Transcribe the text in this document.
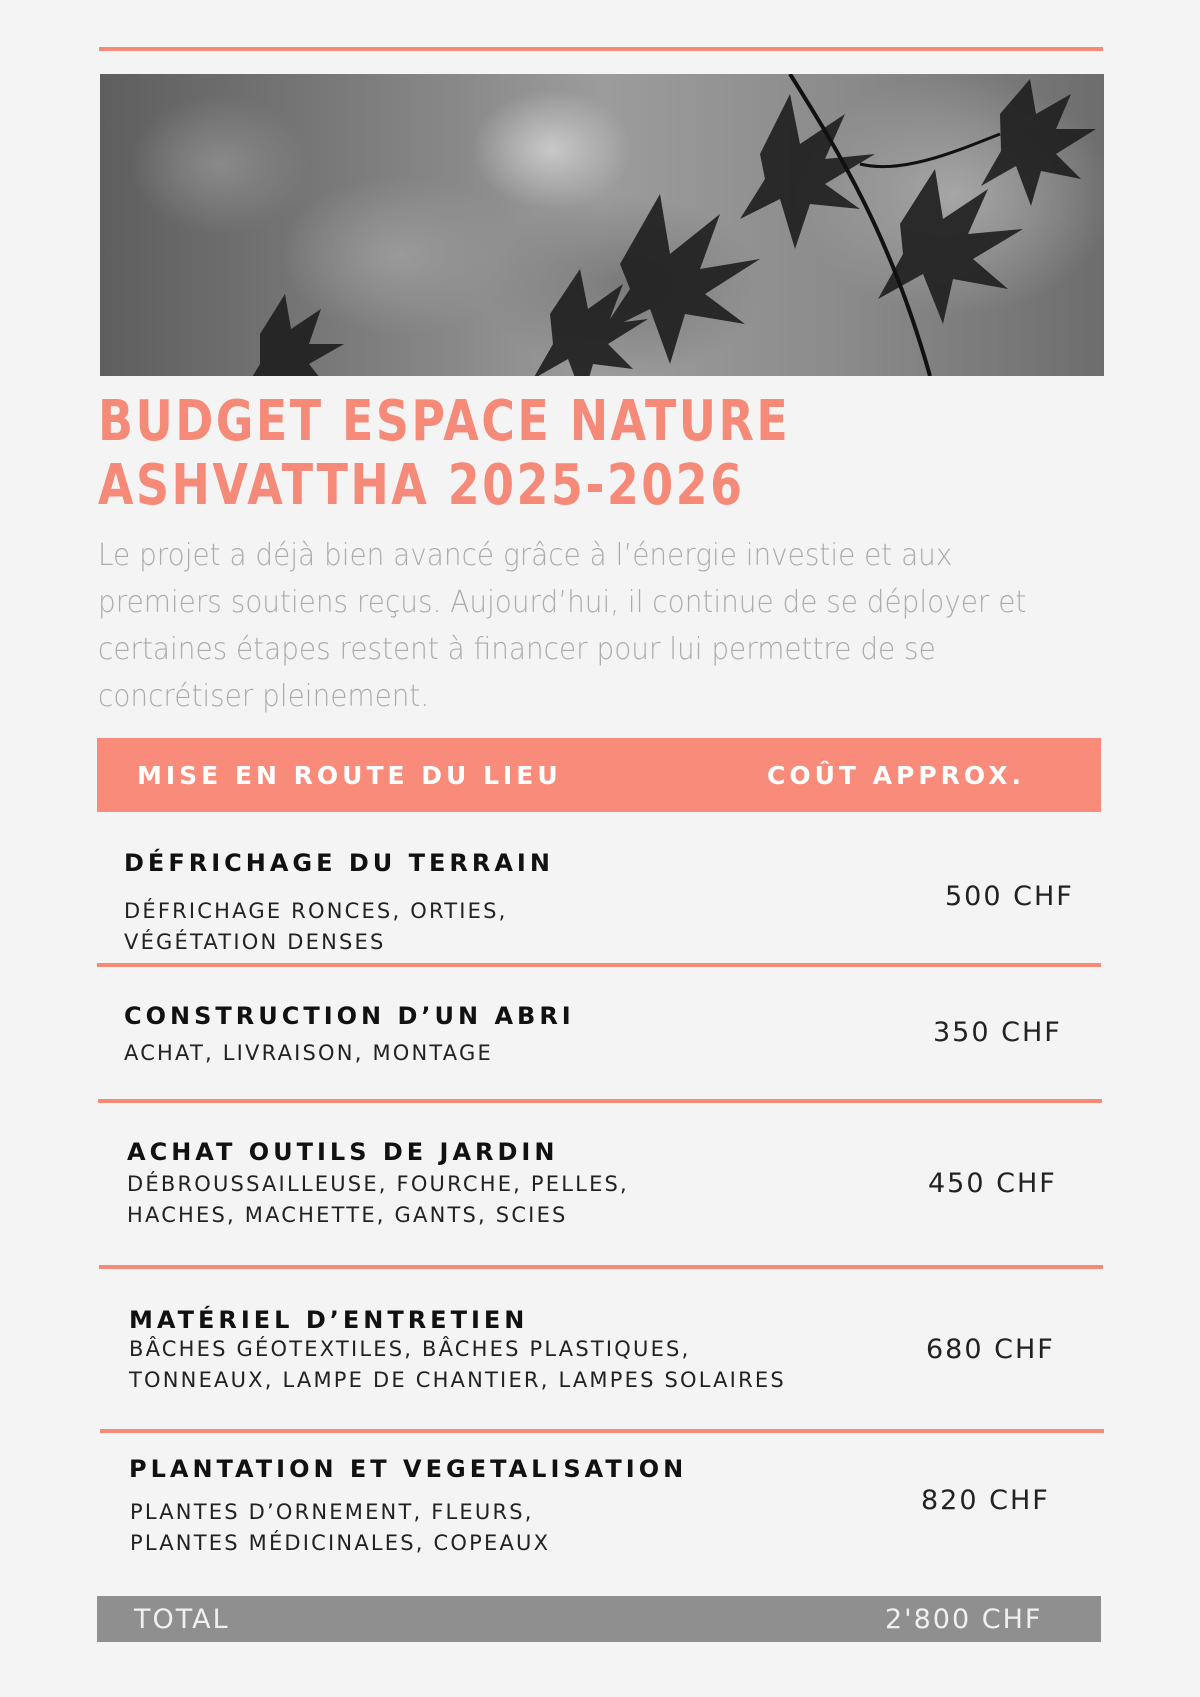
BUDGET ESPACE NATURE ASHVATTHA 2025-2026
Le projet a déjà bien avancé grâce à l’énergie investie et aux premiers soutiens reçus. Aujourd’hui, il continue de se déployer et certaines étapes restent à financer pour lui permettre de se concrétiser pleinement.
MISE EN ROUTE DU LIEU	COÛT APPROX.
DÉFRICHAGE DU TERRAIN
DÉFRICHAGE RONCES, ORTIES,
VÉGÉTATION DENSES
500 CHF
CONSTRUCTION D’UN ABRI
ACHAT, LIVRAISON, MONTAGE
350 CHF
ACHAT OUTILS DE JARDIN
DÉBROUSSAILLEUSE, FOURCHE, PELLES,
HACHES, MACHETTE, GANTS, SCIES
450 CHF
MATÉRIEL D’ENTRETIEN
BÂCHES GÉOTEXTILES, BÂCHES PLASTIQUES,
TONNEAUX, LAMPE DE CHANTIER, LAMPES SOLAIRES
680 CHF
PLANTATION ET VEGETALISATION
PLANTES D’ORNEMENT, FLEURS,
PLANTES MÉDICINALES, COPEAUX
820 CHF
TOTAL	2'800 CHF
